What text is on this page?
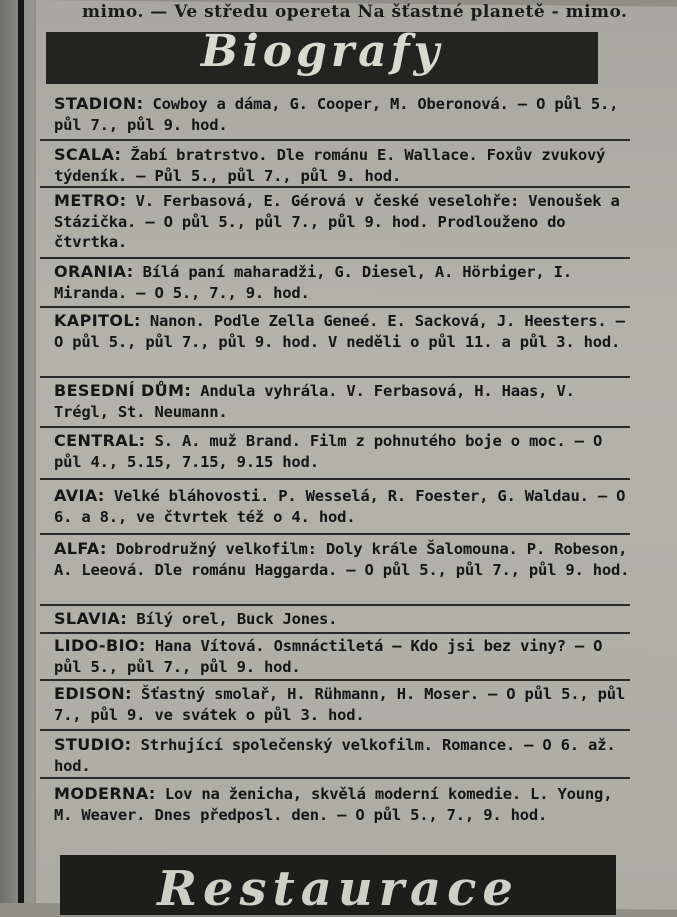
mimo. — Ve středu opereta Na šťastné planetě - mimo.
Biografy
STADION: Cowboy a dáma, G. Cooper, M. Oberonová. — O půl 5., půl 7., půl 9. hod.
SCALA: Žabí bratrstvo. Dle románu E. Wallace. Foxův zvukový týdeník. — Půl 5., půl 7., půl 9. hod.
METRO: V. Ferbasová, E. Gérová v české veselohře: Venoušek a Stázička. — O půl 5., půl 7., půl 9. hod. Prodlouženo do čtvrtka.
ORANIA: Bílá paní maharadži, G. Diesel, A. Hörbiger, I. Miranda. — O 5., 7., 9. hod.
KAPITOL: Nanon. Podle Zella Geneé. E. Sacková, J. Heesters. — O půl 5., půl 7., půl 9. hod. V neděli o půl 11. a půl 3. hod.
BESEDNÍ DŮM: Andula vyhrála. V. Ferbasová, H. Haas, V. Trégl, St. Neumann.
CENTRAL: S. A. muž Brand. Film z pohnutého boje o moc. — O půl 4., 5.15, 7.15, 9.15 hod.
AVIA: Velké bláhovosti. P. Wesselá, R. Foester, G. Waldau. — O 6. a 8., ve čtvrtek též o 4. hod.
ALFA: Dobrodružný velkofilm: Doly krále Šalomouna. P. Robeson, A. Leeová. Dle románu Haggarda. — O půl 5., půl 7., půl 9. hod.
SLAVIA: Bílý orel, Buck Jones.
LIDO-BIO: Hana Vítová. Osmnáctiletá — Kdo jsi bez viny? — O půl 5., půl 7., půl 9. hod.
EDISON: Šťastný smolař, H. Rühmann, H. Moser. — O půl 5., půl 7., půl 9. ve svátek o půl 3. hod.
STUDIO: Strhující společenský velkofilm. Romance. — O 6. až. hod.
MODERNA: Lov na ženicha, skvělá moderní komedie. L. Young, M. Weaver. Dnes předposl. den. — O půl 5., 7., 9. hod.
Restaurace
